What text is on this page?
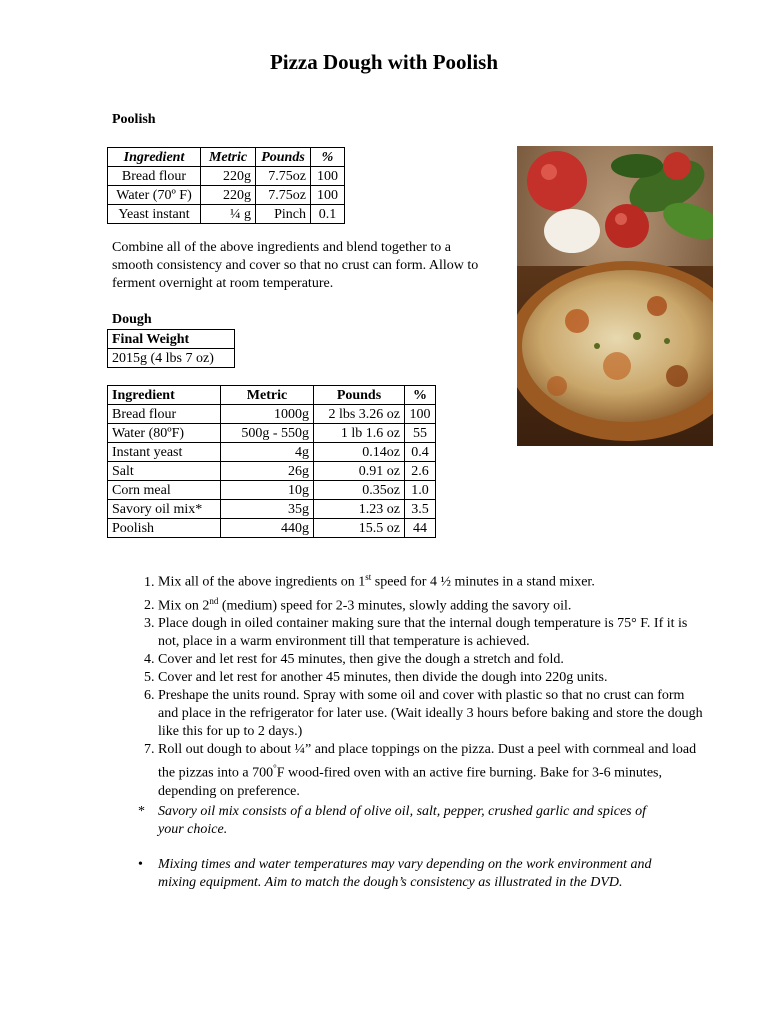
Pizza Dough with Poolish
Poolish
Ingredient	Metric	Pounds	%
Bread flour	220g	7.75oz	100
Water (70º F)	220g	7.75oz	100
Yeast instant	¼ g	Pinch	0.1

Combine all of the above ingredients and blend together to a smooth consistency and cover so that no crust can form. Allow to ferment overnight at room temperature.

Dough
Final Weight
2015g (4 lbs 7 oz)
Ingredient	Metric	Pounds	%
Bread flour	1000g	2 lbs 3.26 oz	100
Water (80ºF)	500g - 550g	1 lb 1.6 oz	55
Instant yeast	4g	0.14oz	0.4
Salt	26g	0.91 oz	2.6
Corn meal	10g	0.35oz	1.0
Savory oil mix*	35g	1.23 oz	3.5
Poolish	440g	15.5 oz	44
1. Mix all of the above ingredients on 1st speed for 4 ½ minutes in a stand mixer.
2. Mix on 2nd (medium) speed for 2-3 minutes, slowly adding the savory oil.
3. Place dough in oiled container making sure that the internal dough temperature is 75° F. If it is not, place in a warm environment till that temperature is achieved.
4. Cover and let rest for 45 minutes, then give the dough a stretch and fold.
5. Cover and let rest for another 45 minutes, then divide the dough into 220g units.
6. Preshape the units round. Spray with some oil and cover with plastic so that no crust can form and place in the refrigerator for later use. (Wait ideally 3 hours before baking and store the dough like this for up to 2 days.)
7. Roll out dough to about ¼” and place toppings on the pizza. Dust a peel with cornmeal and load the pizzas into a 700°F wood-fired oven with an active fire burning. Bake for 3-6 minutes, depending on preference.
* Savory oil mix consists of a blend of olive oil, salt, pepper, crushed garlic and spices of your choice.
• Mixing times and water temperatures may vary depending on the work environment and mixing equipment. Aim to match the dough’s consistency as illustrated in the DVD.
